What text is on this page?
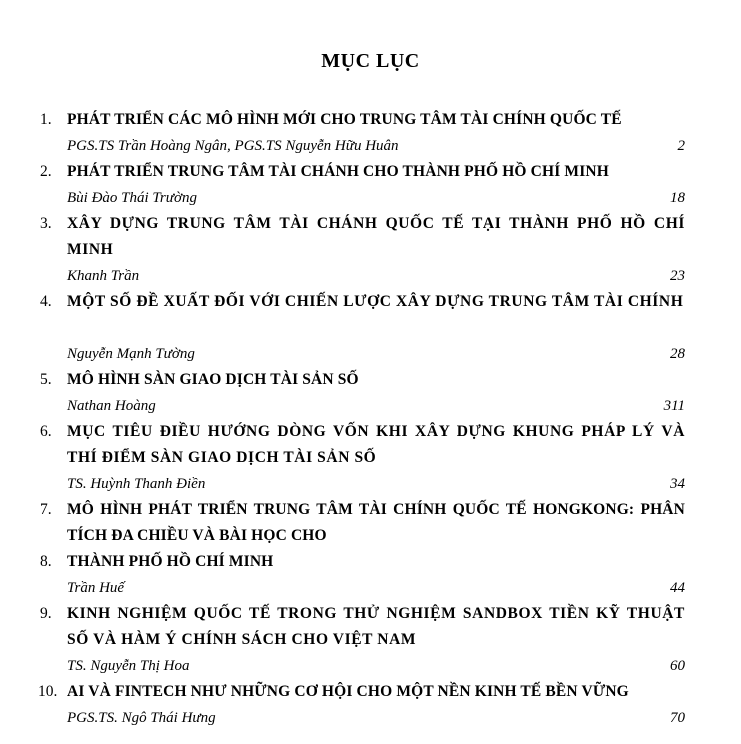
MỤC LỤC
1. PHÁT TRIỂN CÁC MÔ HÌNH MỚI CHO TRUNG TÂM TÀI CHÍNH QUỐC TẾ
PGS.TS Trần Hoàng Ngân, PGS.TS Nguyễn Hữu Huân	2
2. PHÁT TRIỂN TRUNG TÂM TÀI CHÁNH CHO THÀNH PHỐ HỒ CHÍ MINH
Bùi Đào Thái Trường	18
3. XÂY DỰNG TRUNG TÂM TÀI CHÁNH QUỐC TẾ TẠI THÀNH PHỐ HỒ CHÍ MINH
Khanh Trần	23
4. MỘT SỐ ĐỀ XUẤT ĐỐI VỚI CHIẾN LƯỢC XÂY DỰNG TRUNG TÂM TÀI CHÍNH
Nguyễn Mạnh Tường	28
5. MÔ HÌNH SÀN GIAO DỊCH TÀI SẢN SỐ
Nathan Hoàng	311
6. MỤC TIÊU ĐIỀU HƯỚNG DÒNG VỐN KHI XÂY DỰNG KHUNG PHÁP LÝ VÀ THÍ ĐIỂM SÀN GIAO DỊCH TÀI SẢN SỐ
TS. Huỳnh Thanh Điền	34
7. MÔ HÌNH PHÁT TRIỂN TRUNG TÂM TÀI CHÍNH QUỐC TẾ HONGKONG: PHÂN TÍCH ĐA CHIỀU VÀ BÀI HỌC CHO
8. THÀNH PHỐ HỒ CHÍ MINH
Trần Huế	44
9. KINH NGHIỆM QUỐC TẾ TRONG THỬ NGHIỆM SANDBOX TIỀN KỸ THUẬT SỐ VÀ HÀM Ý CHÍNH SÁCH CHO VIỆT NAM
TS. Nguyễn Thị Hoa	60
10. AI VÀ FINTECH NHƯ NHỮNG CƠ HỘI CHO MỘT NỀN KINH TẾ BỀN VỮNG
PGS.TS. Ngô Thái Hưng	70
